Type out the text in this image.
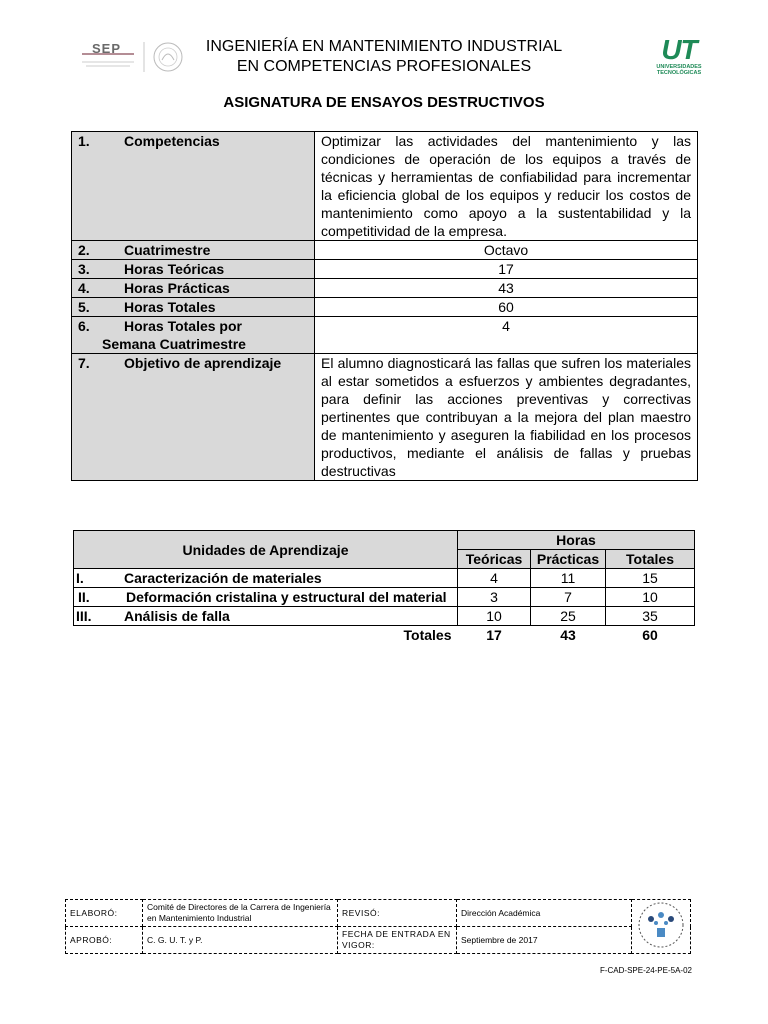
SEP	UT
UNIVERSIDADES
TECNOLÓGICAS
INGENIERÍA EN MANTENIMIENTO INDUSTRIAL
EN COMPETENCIAS PROFESIONALES
ASIGNATURA DE ENSAYOS DESTRUCTIVOS
1. Competencias	Optimizar las actividades del mantenimiento y las condiciones de operación de los equipos a través de técnicas y herramientas de confiabilidad para incrementar la eficiencia global de los equipos y reducir los costos de mantenimiento como apoyo a la sustentabilidad y la competitividad de la empresa.
2. Cuatrimestre	Octavo
3. Horas Teóricas	17
4. Horas Prácticas	43
5. Horas Totales	60
6. Horas Totales por
Semana Cuatrimestre	4
7. Objetivo de aprendizaje	El alumno diagnosticará las fallas que sufren los materiales al estar sometidos a esfuerzos y ambientes degradantes, para definir las acciones preventivas y correctivas pertinentes que contribuyan a la mejora del plan maestro de mantenimiento y aseguren la fiabilidad en los procesos productivos, mediante el análisis de fallas y pruebas destructivas
Unidades de Aprendizaje	Horas		
	Teóricas	Prácticas	Totales
I. Caracterización de materiales	4	11	15
II. Deformación cristalina y estructural del material	3	7	10
III. Análisis de falla	10	25	35
Totales	17	43	60
ELABORÓ:	Comité de Directores de la Carrera de Ingeniería en Mantenimiento Industrial	REVISÓ:	Dirección Académica	
APROBÓ:	C. G. U. T. y P.	FECHA DE ENTRADA EN VIGOR:	Septiembre de 2017	
F-CAD-SPE-24-PE-5A-02
